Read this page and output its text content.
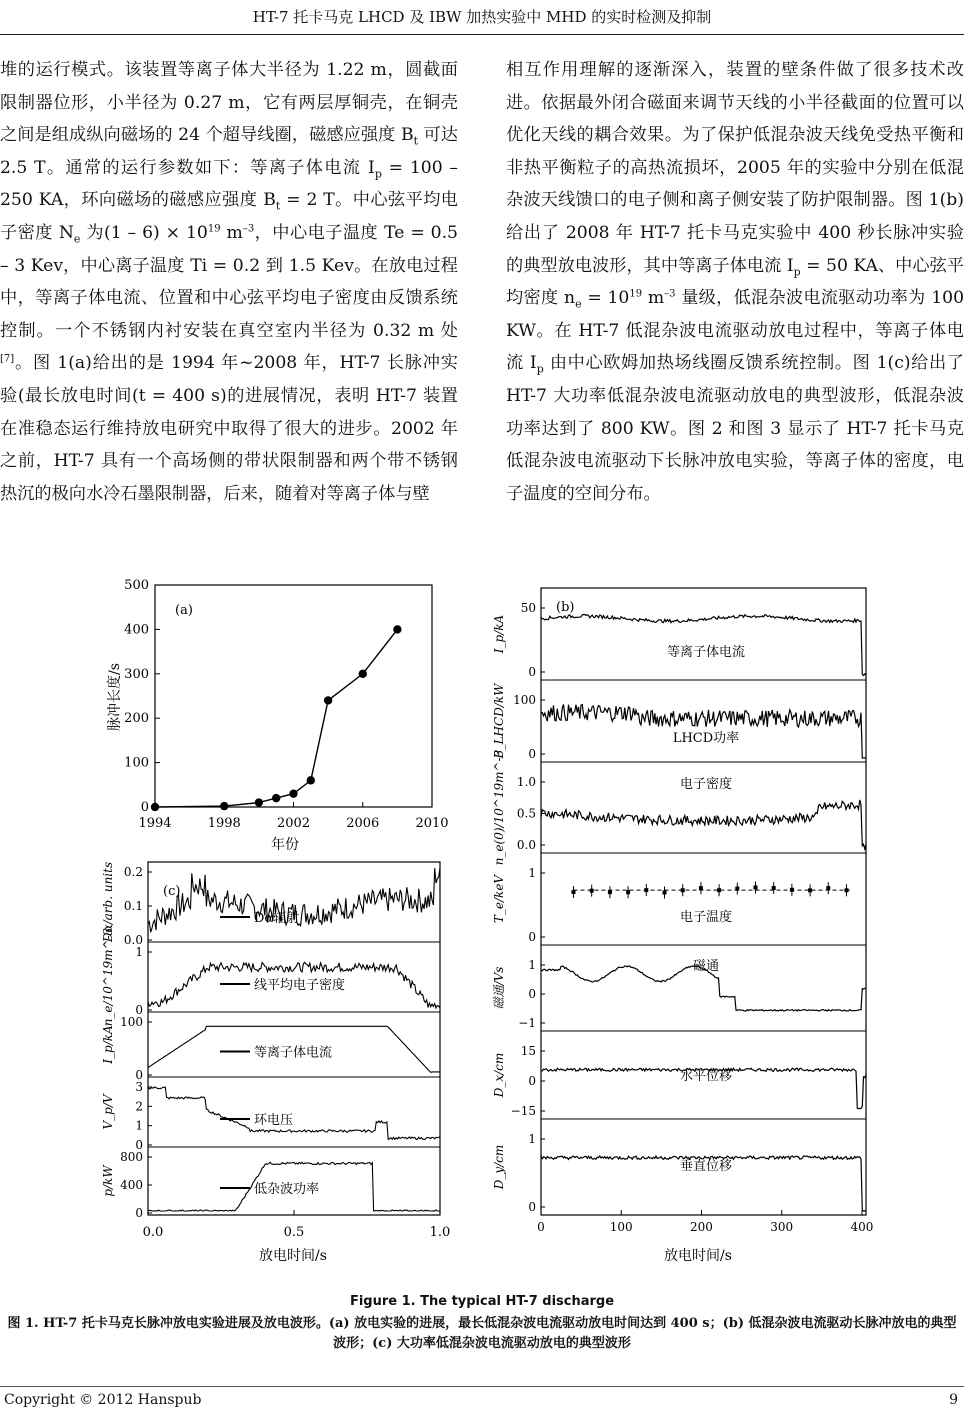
HT-7 托卡马克 LHCD 及 IBW 加热实验中 MHD 的实时检测及抑制

堆的运行模式。该装置等离子体大半径为 1.22 m，圆截面限制器位形，小半径为 0.27 m，它有两层厚铜壳，在铜壳之间是组成纵向磁场的 24 个超导线圈，磁感应强度 $B_t$ 可达 2.5 T。通常的运行参数如下：等离子体电流 $I_p = 100 - 250$ KA，环向磁场的磁感应强度 $B_t = 2$ T。中心弦平均电子密度 $N_e$ 为$(1 - 6) \times 10^{19}$ $m^{-3}$，中心电子温度 Te = 0.5 – 3 Kev，中心离子温度 Ti = 0.2 到 1.5 Kev。在放电过程中，等离子体电流、位置和中心弦平均电子密度由反馈系统控制。一个不锈钢内衬安装在真空室内半径为 0.32 m 处[7]。图 1(a)给出的是 1994 年~2008 年，HT-7 长脉冲实验(最长放电时间(t = 400 s)的进展情况，表明 HT-7 装置在准稳态运行维持放电研究中取得了很大的进步。2002 年之前，HT-7 具有一个高场侧的带状限制器和两个带不锈钢热沉的极向水冷石墨限制器，后来，随着对等离子体与壁

相互作用理解的逐渐深入，装置的壁条件做了很多技术改进。依据最外闭合磁面来调节天线的小半径截面的位置可以优化天线的耦合效果。为了保护低混杂波天线免受热平衡和非热平衡粒子的高热流损坏，2005 年的实验中分别在低混杂波天线馈口的电子侧和离子侧安装了防护限制器。图 1(b)给出了 2008 年 HT-7 托卡马克实验中 400 秒长脉冲实验的典型放电波形，其中等离子体电流 $I_p = 50$ KA、中心弦平均密度 $n_e = 10^{19}$ $m^{-3}$ 量级，低混杂波电流驱动功率为 100 KW。在 HT-7 低混杂波电流驱动放电过程中，等离子体电流 $I_p$ 由中心欧姆加热场线圈反馈系统控制。图 1(c)给出了 HT-7 大功率低混杂波电流驱动放电的典型波形，低混杂波功率达到了 800 KW。图 2 和图 3 显示了 HT-7 托卡马克低混杂波电流驱动下长脉冲放电实验，等离子体的密度，电子温度的空间分布。

(a)
0
100
200
300
400
500
1994	1998	2002	2006	2010
年份
脉冲长度/s
(c)
0.2
0.1
0.0
Dα/arb. units	Dα辐射
1
0
n_e/10^19m^-3	线平均电子密度
100
0
I_p/kA	等离子体电流
3
2
1
0
V_p/V	环电压
800
400
0
p/kW	低杂波功率
0.0	0.5	1.0
放电时间/s
(b)
50
0
I_p/kA	等离子体电流
100
0
P_LHCD/kW	LHCD功率
1.0
0.5
0.0
n_e(0)/10^19m^-3	电子密度
1
0
T_e/keV	电子温度
1
0
−1
磁通/Vs
磁通
15
0
−15
D_x/cm	水平位移
1
0
D_y/cm	垂直位移
0	100	200	300	400
放电时间/s
Figure 1. The typical HT-7 discharge
图 1. HT-7 托卡马克长脉冲放电实验进展及放电波形。(a) 放电实验的进展，最长低混杂波电流驱动放电时间达到 400 s；(b) 低混杂波电流驱动长脉冲放电的典型波形；(c) 大功率低混杂波电流驱动放电的典型波形
Copyright © 2012 Hanspub	9
